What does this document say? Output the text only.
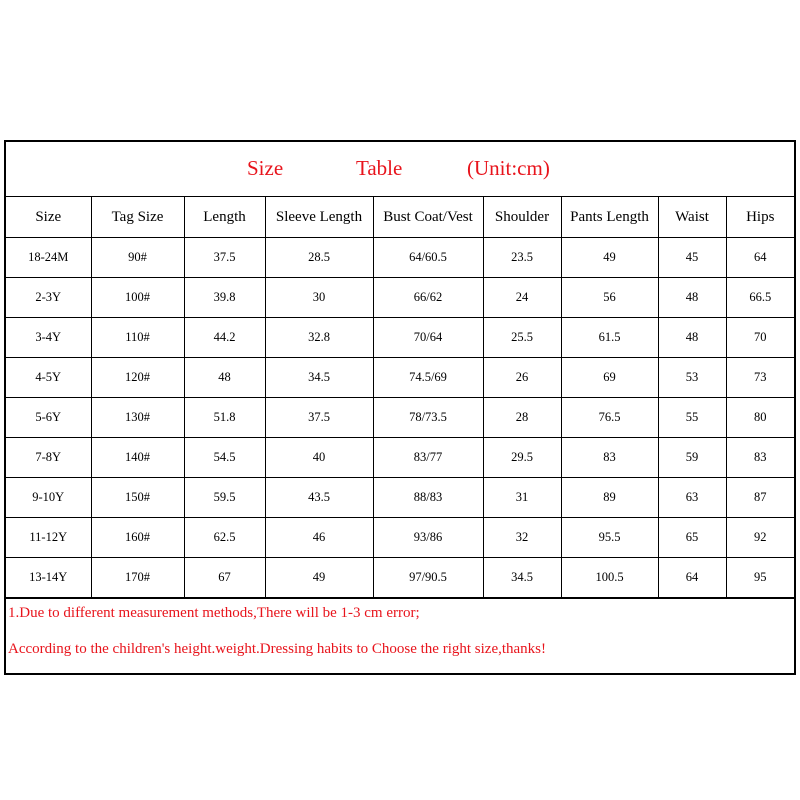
Size	Table	(Unit:cm)
Size	Tag Size	Length	Sleeve Length	Bust Coat/Vest	Shoulder	Pants Length	Waist	Hips
18-24M	90#	37.5	28.5	64/60.5	23.5	49	45	64
2-3Y	100#	39.8	30	66/62	24	56	48	66.5
3-4Y	110#	44.2	32.8	70/64	25.5	61.5	48	70
4-5Y	120#	48	34.5	74.5/69	26	69	53	73
5-6Y	130#	51.8	37.5	78/73.5	28	76.5	55	80
7-8Y	140#	54.5	40	83/77	29.5	83	59	83
9-10Y	150#	59.5	43.5	88/83	31	89	63	87
11-12Y	160#	62.5	46	93/86	32	95.5	65	92
13-14Y	170#	67	49	97/90.5	34.5	100.5	64	95
1.Due to different measurement methods,There will be 1-3 cm error;
According to the children's height.weight.Dressing habits to Choose the right size,thanks!
